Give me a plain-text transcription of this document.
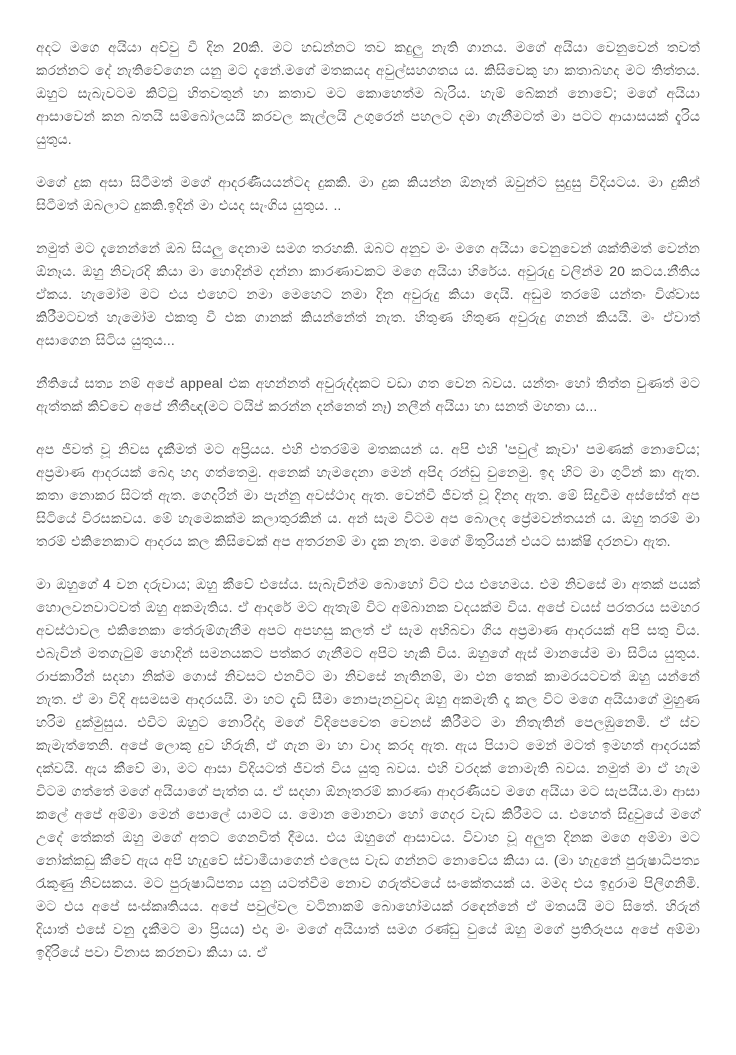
අදට මගෙ අයියා අව්වු වී දින 20කි. මට හඩන්නට තව කදුලු නැති ගානය. මගේ අයියා වෙනුවෙන් තවත් කරන්නට දේ නැතිවේගෙන යනු මට දැනේ.මගේ මතකයද අවුල්සහගතය ය. කිසිවෙකු හා කතාබහද මට තිත්තය. ඔහුට සැබැවටම කිට්ටු හිතවතුන් හා කතාව මට කොහෙත්ම බැරිය. හැම් බේකන් නොවේ; මගේ අයියා ආසාවෙන් කන බතයි සම්බෝලයයි කරවල කැල්ලයි උගුරෙන් පහලට දමා ගැනීමටත් මා පටට ආයාසයක් දැරිය යුතුය.

මගේ දුක අසා සිටීමත් මගේ ආදරණීයයන්ටද දුකකි. මා දුක කියන්න ඕනෑත් ඔවුන්ට සුදුසු විදියටය. මා දුකින් සිටීමත් ඔබලාට දුකකි.ඉදින් මා එයද සැංගිය යුතුය. ..

නමුත් මට දැනෙන්නේ ඔබ සියලු දෙනාම සමග තරහකි. ඔබට අනුව මං මගෙ අයියා වෙනුවෙන් ශක්තිමත් වෙන්න ඕනෑය. ඔහු නිවැරදි කියා මා හොදින්ම දන්නා කාරණාවකට මගෙ අයියා හිරේය. අවුරුදු වලින්ම 20 කටය.නීතිය ඒකය. හැමෝම මට එය එහෙට නමා මෙහෙට නමා දින අවුරුදු කියා දෙයි. අඩුම තරමේ යන්තං විශ්වාස කිරීමටවත් හැමෝම එකතු වී එක ගානක් කියන්නේත් නැත. හිතුණ හිතුණ අවුරුදු ගනන් කියයි. මං ඒවාත් අසාගෙන සිටිය යුතුය...

නීතියේ සත්‍ය නම් අපේ appeal එක අහන්නත් අවුරුද්දකට වඩා ගත වෙන බවය. යන්තං හෝ තිත්ත වුණත් මට ඇත්තක් කිව්වෙ අපේ නීතීඥ(මට ටයිප් කරන්න දන්නෙත් නෑ) නලීන් අයියා හා සනත් මහතා ය...

අප ජීවත් වූ නිවස දැකීමත් මට අප්‍රියය. එහි එතරම්ම මතකයන් ය. අපි එහි 'පවුල් කෑවා' පමණක් නොවේය; අප්‍රමාණ ආදරයක් බෙදා හදා ගත්තෙමු. අනෙක් හැමදෙනා මෙන් අපිද රන්ඩු වුනෙමු. ඉද හිට මා ගුටින් කා ඇත. කතා නොකර සිටත් ඇත. ගෙදරින් මා පැන්නු අවස්ථාද ඇත. වෙන්වී ජීවත් වූ දිනද ඇත. මේ සිදුවීම අස්සේත් අප සිටියේ විරසකවය. මේ හැමෙකක්ම කලාතුරකින් ය. අන් සැම විටම අප බොලද ප්‍රේමවන්තයන් ය. ඔහු තරම් මා තරම් එකිනෙකාට ආදරය කල කිසිවෙක් අප අතරනම් මා දැක නැත. මගේ මිතුරියන් එයට සාක්ෂි දරනවා ඇත.

මා ඔහුගේ 4 වන දරුවාය; ඔහු කීවේ එසේය. සැබැවින්ම බොහෝ විට එය එහෙමය. එම නිවසේ මා අතක් පයක් හොලවනවාටවත් ඔහු අකමැතිය. ඒ ආදරේ මට ඇතැම් විට අම්බානක වදයක්ම විය. අපේ වයස් පරතරය සමහර අවස්ථාවල එකිනෙකා තේරුම්ගැනීම අපට අපහසු කලත් ඒ සැම අභිබවා ගිය අප්‍රමාණ ආදරයක් අපි සතු විය. එබැවින් මතගැටුම් හොදින් සමනයකට පත්කර ගැනීමට අපිට හැකි විය. ඔහුගේ ඇස් මානයේම මා සිටිය යුතුය. රාජකාරීන් සදහා නික්ම ගොස් නිවසට එනවිට මා නිවසේ නැතිනම්, මා එන තෙක් කාමරයටවත් ඔහු යන්නේ නැත. ඒ මා විදි අසමසම ආදරයයි. මා හට දැඩි සීමා නොපැනවුවද ඔහු අකමැති දෑ කල විට මගෙ අයියාගේ මුහුණ හරිම දුක්මුසුය. එවිට ඔහුට නොරිද්දා මගේ විදිපෙවෙත වෙනස් කිරීමට මා නිතැතින් පෙලඹුනෙමි. ඒ ස්ව කැමැත්තෙනි. අපේ ලොකු දුව හිරුනි, ඒ ගැන මා හා වාද කරද ඇත. ඇය පියාට මෙන් මටත් ඉමහත් ආදරයක් දක්වයි. ඇය කීවේ මා, මට ආසා විදියටත් ජීවත් විය යුතු බවය. එහි වරදක් නොමැති බවය. නමුත් මා ඒ හැම විටම ගත්තේ මගේ අයියාගේ පැත්ත ය. ඒ සදහා ඕනෑතරම් කාරණා ආදරණීයව මගෙ අයියා මට සැපයීය.මා ආසා කලේ අපේ අම්මා මෙන් පොලේ යාමට ය. මොන මොනවා හෝ ගෙදර වැඩ කිරීමට ය. එහෙත් සිදුවුයේ මගේ උදේ තේකත් ඔහු මගේ අතට ගෙනවිත් දීමය. එය ඔහුගේ ආසාවය. විවාහ වූ අලුත දිනක මගෙ අම්මා මට නෝක්කඩු කීවේ ඇය අපි හැදුවේ ස්වාමීයාගෙන් එලෙස වැඩ ගන්නට නොවේය කියා ය. (මා හැදුනේ පුරුෂාධිපත්‍ය රැකුණු නිවසකය. මට පුරුෂාධිපත්‍ය යනු යටත්වීම නොව ගරුත්වයේ සංකේතයක් ය. මමද එය ඉදුරාම පිලිගනිමි. මට එය අපේ සංස්කෘතියය. අපේ පවුල්වල වටිනාකම් බොහෝමයක් රඳෙන්නේ ඒ මතයයි මට සිතේ. හිරුන් දියාත් එසේ වනු දැකීමට මා ප්‍රියය) එදා මං මගේ අයියාත් සමග රණ්ඩු වුයේ ඔහු මගේ ප්‍රතිරූපය අපේ අම්මා ඉදිරියේ පවා විනාස කරනවා කියා ය. ඒ
